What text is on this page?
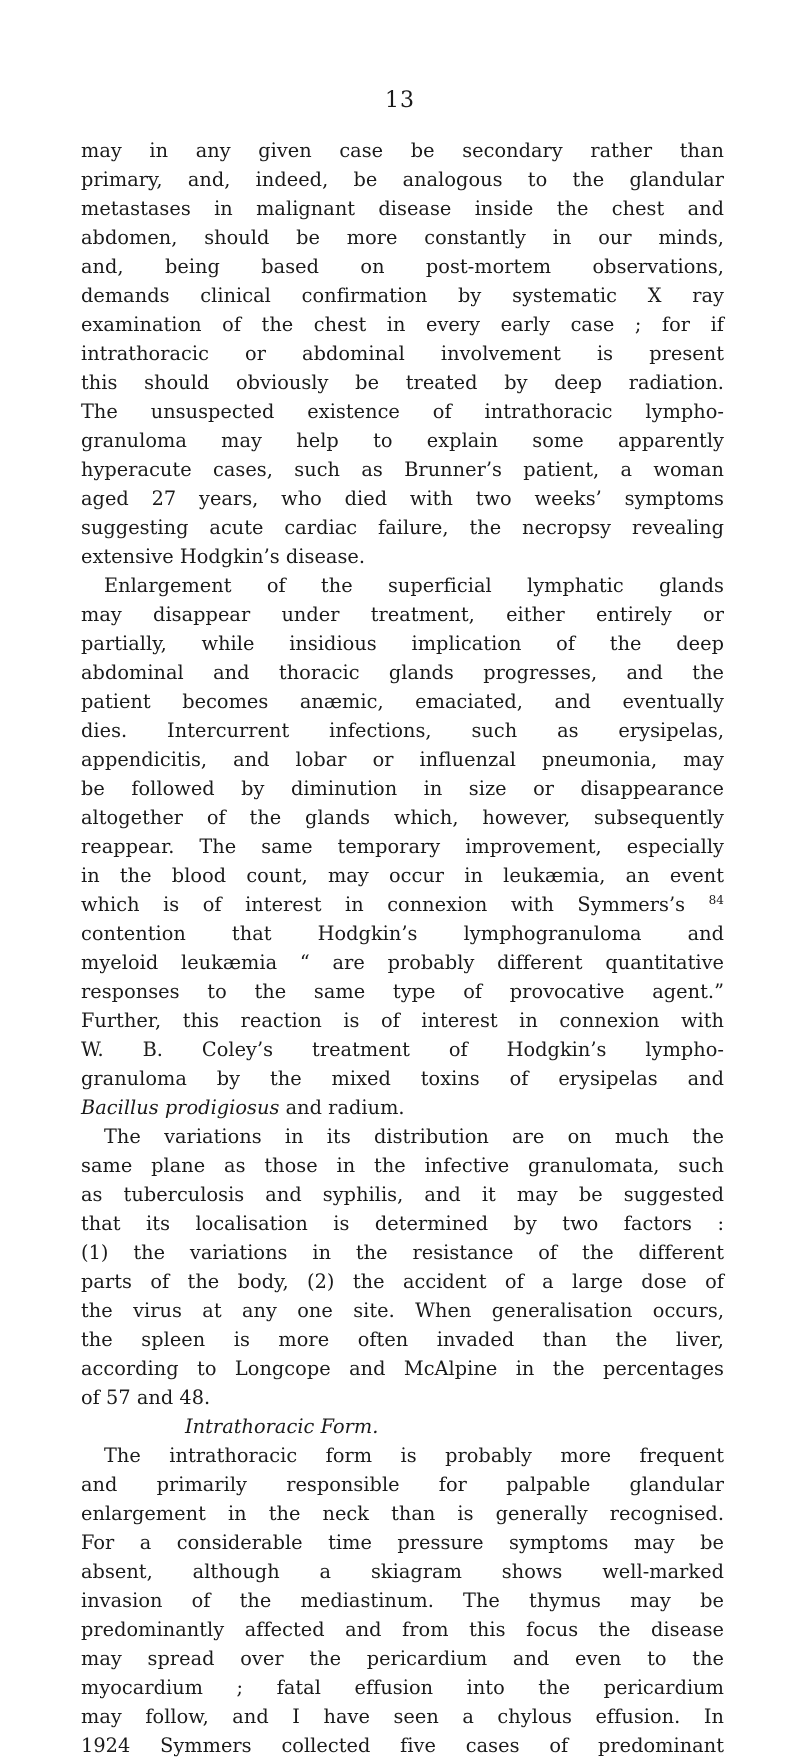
13
may in any given case be secondary rather than
primary, and, indeed, be analogous to the glandular
metastases in malignant disease inside the chest and
abdomen, should be more constantly in our minds,
and, being based on post-mortem observations,
demands clinical confirmation by systematic X ray
examination of the chest in every early case ; for if
intrathoracic or abdominal involvement is present
this should obviously be treated by deep radiation.
The unsuspected existence of intrathoracic lympho-
granuloma may help to explain some apparently
hyperacute cases, such as Brunner’s patient, a woman
aged 27 years, who died with two weeks’ symptoms
suggesting acute cardiac failure, the necropsy revealing
extensive Hodgkin’s disease.
Enlargement of the superficial lymphatic glands
may disappear under treatment, either entirely or
partially, while insidious implication of the deep
abdominal and thoracic glands progresses, and the
patient becomes anæmic, emaciated, and eventually
dies. Intercurrent infections, such as erysipelas,
appendicitis, and lobar or influenzal pneumonia, may
be followed by diminution in size or disappearance
altogether of the glands which, however, subsequently
reappear. The same temporary improvement, especially
in the blood count, may occur in leukæmia, an event
which is of interest in connexion with Symmers’s $^{84}$
contention that Hodgkin’s lymphogranuloma and
myeloid leukæmia “ are probably different quantitative
responses to the same type of provocative agent.”
Further, this reaction is of interest in connexion with
W. B. Coley’s treatment of Hodgkin’s lympho-
granuloma by the mixed toxins of erysipelas and
Bacillus prodigiosus and radium.
The variations in its distribution are on much the
same plane as those in the infective granulomata, such
as tuberculosis and syphilis, and it may be suggested
that its localisation is determined by two factors :
(1) the variations in the resistance of the different
parts of the body, (2) the accident of a large dose of
the virus at any one site. When generalisation occurs,
the spleen is more often invaded than the liver,
according to Longcope and McAlpine in the percentages
of 57 and 48.
Intrathoracic Form.
The intrathoracic form is probably more frequent
and primarily responsible for palpable glandular
enlargement in the neck than is generally recognised.
For a considerable time pressure symptoms may be
absent, although a skiagram shows well-marked
invasion of the mediastinum. The thymus may be
predominantly affected and from this focus the disease
may spread over the pericardium and even to the
myocardium ; fatal effusion into the pericardium
may follow, and I have seen a chylous effusion. In
1924 Symmers collected five cases of predominant
